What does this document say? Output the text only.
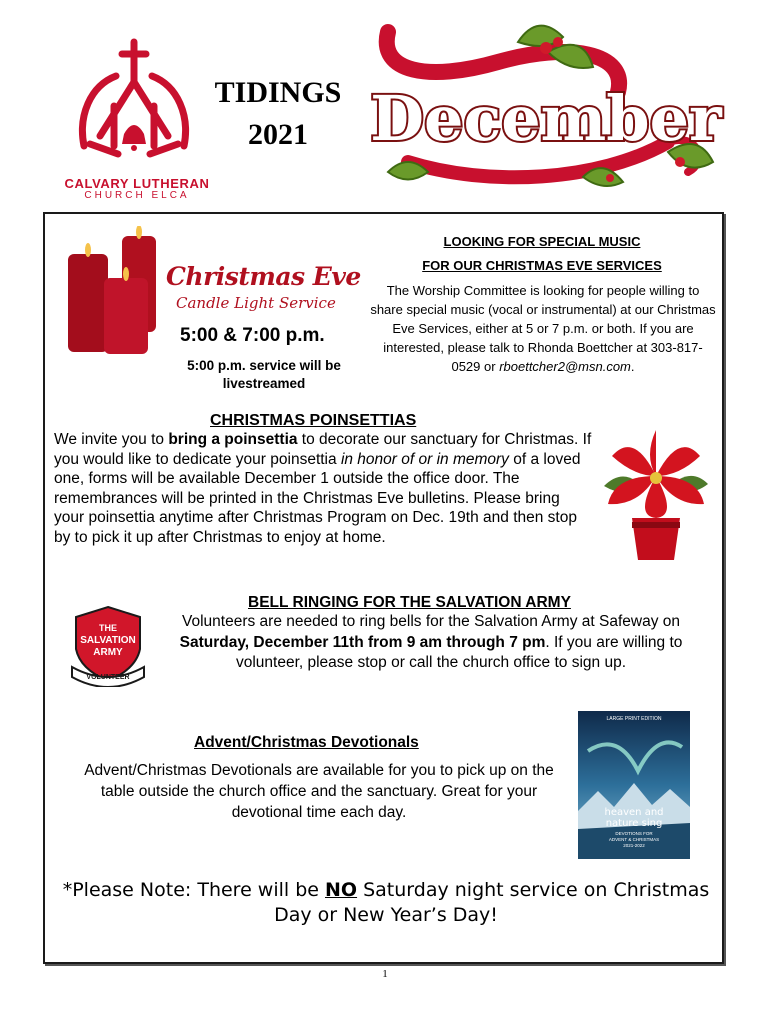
CALVARY LUTHERAN
CHURCH ELCA
TIDINGS
2021	December
Christmas Eve
Candle Light Service
5:00 & 7:00 p.m.
5:00 p.m. service will be livestreamed
LOOKING FOR SPECIAL MUSIC
FOR OUR CHRISTMAS EVE SERVICES
The Worship Committee is looking for people willing to share special music (vocal or instrumental) at our Christmas Eve Services, either at 5 or 7 p.m. or both. If you are interested, please talk to Rhonda Boettcher at 303-817-0529 or rboettcher2@msn.com.
CHRISTMAS POINSETTIAS
We invite you to bring a poinsettia to decorate our sanctuary for Christmas. If you would like to dedicate your poinsettia in honor of or in memory of a loved one, forms will be available December 1 outside the office door. The remembrances will be printed in the Christmas Eve bulletins. Please bring your poinsettia anytime after Christmas Program on Dec. 19th and then stop by to pick it up after Christmas to enjoy at home.
THE
SALVATION
ARMY
VOLUNTEER
BELL RINGING FOR THE SALVATION ARMY
Volunteers are needed to ring bells for the Salvation Army at Safeway on Saturday, December 11th from 9 am through 7 pm. If you are willing to volunteer, please stop or call the church office to sign up.
Advent/Christmas Devotionals
Advent/Christmas Devotionals are available for you to pick up on the table outside the church office and the sanctuary. Great for your devotional time each day.
LARGE PRINT EDITION
heaven and
nature sing
DEVOTIONS FOR
ADVENT & CHRISTMAS
2021-2022
*Please Note: There will be NO Saturday night service on Christmas Day or New Year’s Day!
1
